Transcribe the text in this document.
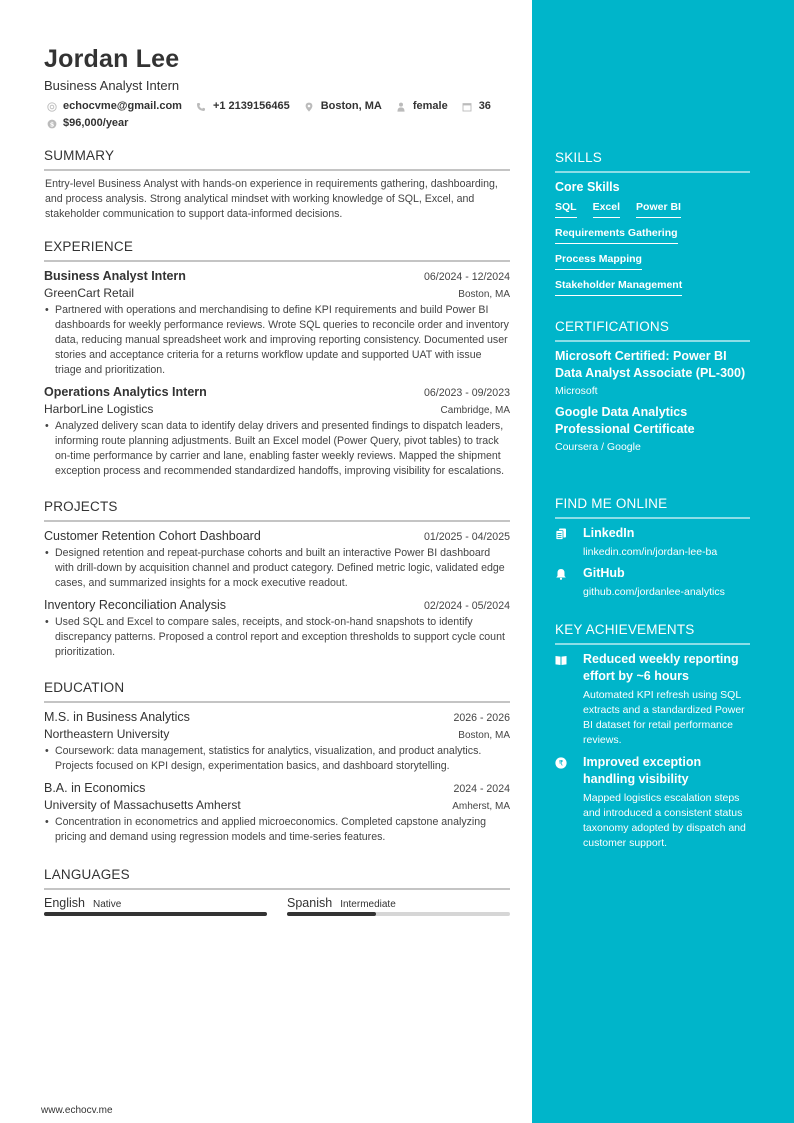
Jordan Lee
Business Analyst Intern
echocvme@gmail.com	+1 2139156465	Boston, MA	female	36
$ $96,000/year
SUMMARY
Entry-level Business Analyst with hands-on experience in requirements gathering, dashboarding, and process analysis. Strong analytical mindset with working knowledge of SQL, Excel, and stakeholder communication to support data-informed decisions.
EXPERIENCE
Business Analyst Intern	06/2024 - 12/2024
GreenCart Retail	Boston, MA
• Partnered with operations and merchandising to define KPI requirements and build Power BI dashboards for weekly performance reviews. Wrote SQL queries to reconcile order and inventory data, reducing manual spreadsheet work and improving reporting consistency. Documented user stories and acceptance criteria for a returns workflow update and supported UAT with issue triage and prioritization.
Operations Analytics Intern	06/2023 - 09/2023
HarborLine Logistics	Cambridge, MA
• Analyzed delivery scan data to identify delay drivers and presented findings to dispatch leaders, informing route planning adjustments. Built an Excel model (Power Query, pivot tables) to track on-time performance by carrier and lane, enabling faster weekly reviews. Mapped the shipment exception process and recommended standardized handoffs, improving visibility for escalations.
PROJECTS
Customer Retention Cohort Dashboard	01/2025 - 04/2025
• Designed retention and repeat-purchase cohorts and built an interactive Power BI dashboard with drill-down by acquisition channel and product category. Defined metric logic, validated edge cases, and summarized insights for a mock executive readout.
Inventory Reconciliation Analysis	02/2024 - 05/2024
• Used SQL and Excel to compare sales, receipts, and stock-on-hand snapshots to identify discrepancy patterns. Proposed a control report and exception thresholds to support cycle count prioritization.
EDUCATION
M.S. in Business Analytics	2026 - 2026
Northeastern University	Boston, MA
• Coursework: data management, statistics for analytics, visualization, and product analytics. Projects focused on KPI design, experimentation basics, and dashboard storytelling.
B.A. in Economics	2024 - 2024
University of Massachusetts Amherst	Amherst, MA
• Concentration in econometrics and applied microeconomics. Completed capstone analyzing pricing and demand using regression models and time-series features.
LANGUAGES
English Native	Spanish Intermediate
www.echocv.me
SKILLS
Core Skills
SQL Excel Power BI
Requirements Gathering
Process Mapping
Stakeholder Management
CERTIFICATIONS
Microsoft Certified: Power BI Data Analyst Associate (PL-300)
Microsoft
Google Data Analytics Professional Certificate
Coursera / Google
FIND ME ONLINE
LinkedIn
linkedin.com/in/jordan-lee-ba
GitHub
github.com/jordanlee-analytics
KEY ACHIEVEMENTS
Reduced weekly reporting effort by ~6 hours
Automated KPI refresh using SQL extracts and a standardized Power BI dataset for retail performance reviews.
₹ Improved exception handling visibility
Mapped logistics escalation steps and introduced a consistent status taxonomy adopted by dispatch and customer support.
